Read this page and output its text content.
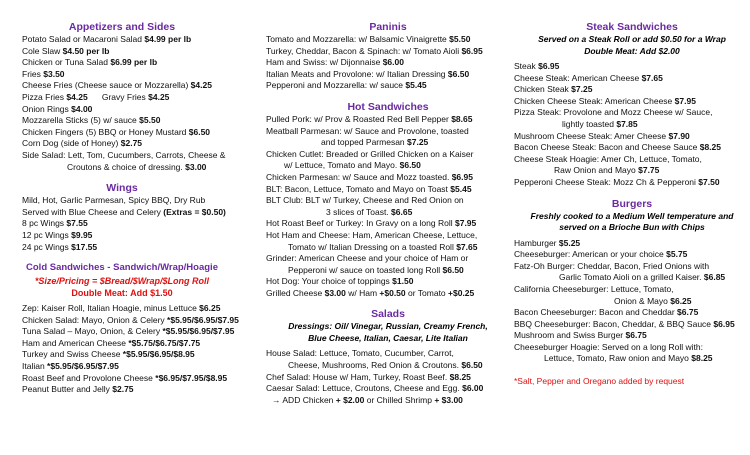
Appetizers and Sides

Potato Salad or Macaroni Salad $4.99 per lb

Cole Slaw $4.50 per lb

Chicken or Tuna Salad $6.99 per lb

Fries $3.50

Cheese Fries (Cheese sauce or Mozzarella) $4.25

Pizza Fries $4.25      Gravy Fries $4.25

Onion Rings $4.00

Mozzarella Sticks (5) w/ sauce $5.50

Chicken Fingers (5) BBQ or Honey Mustard $6.50

Corn Dog (side of Honey) $2.75

Side Salad: Lett, Tom, Cucumbers, Carrots, Cheese &

Croutons & choice of dressing. $3.00

Wings

Mild, Hot, Garlic Parmesan, Spicy BBQ, Dry Rub

Served with Blue Cheese and Celery (Extras = $0.50)

8 pc Wings $7.55

12 pc Wings $9.95

24 pc Wings $17.55

Cold Sandwiches - Sandwich/Wrap/Hoagie

*Size/Pricing = $Bread/$Wrap/$Long Roll

Double Meat: Add $1.50

Zep: Kaiser Roll, Italian Hoagie, minus Lettuce $6.25

Chicken Salad: Mayo, Onion & Celery *$5.95/$6.95/$7.95

Tuna Salad – Mayo, Onion, & Celery *$5.95/$6.95/$7.95

Ham and American Cheese *$5.75/$6.75/$7.75

Turkey and Swiss Cheese *$5.95/$6.95/$8.95

Italian *$5.95/$6.95/$7.95

Roast Beef and Provolone Cheese *$6.95/$7.95/$8.95

Peanut Butter and Jelly $2.75

Paninis

Tomato and Mozzarella: w/ Balsamic Vinaigrette $5.50

Turkey, Cheddar, Bacon & Spinach: w/ Tomato Aioli $6.95

Ham and Swiss: w/ Dijonnaise $6.00

Italian Meats and Provolone: w/ Italian Dressing $6.50

Pepperoni and Mozzarella: w/ sauce $5.45

Hot Sandwiches

Pulled Pork: w/ Prov & Roasted Red Bell Pepper $8.65

Meatball Parmesan: w/ Sauce and Provolone, toasted

and topped Parmesan $7.25

Chicken Cutlet: Breaded or Grilled Chicken on a Kaiser

w/ Lettuce, Tomato and Mayo. $6.50

Chicken Parmesan: w/ Sauce and Mozz toasted. $6.95

BLT: Bacon, Lettuce, Tomato and Mayo on Toast $5.45

BLT Club: BLT w/ Turkey, Cheese and Red Onion on

3 slices of Toast. $6.65

Hot Roast Beef or Turkey: In Gravy on a long Roll $7.95

Hot Ham and Cheese: Ham, American Cheese, Lettuce,

Tomato w/ Italian Dressing on a toasted Roll $7.65

Grinder: American Cheese and your choice of Ham or

Pepperoni w/ sauce on toasted long Roll $6.50

Hot Dog: Your choice of toppings $1.50

Grilled Cheese $3.00 w/ Ham +$0.50 or Tomato +$0.25

Salads

Dressings: Oil/ Vinegar, Russian, Creamy French,

Blue Cheese, Italian, Caesar, Lite Italian

House Salad: Lettuce, Tomato, Cucumber, Carrot,

Cheese, Mushrooms, Red Onion & Croutons. $6.50

Chef Salad: House w/ Ham, Turkey, Roast Beef. $8.25

Caesar Salad: Lettuce, Croutons, Cheese and Egg. $6.00

→ ADD Chicken + $2.00 or Chilled Shrimp + $3.00

Steak Sandwiches

Served on a Steak Roll or add $0.50 for a Wrap

Double Meat: Add $2.00

Steak $6.95

Cheese Steak: American Cheese $7.65

Chicken Steak $7.25

Chicken Cheese Steak: American Cheese $7.95

Pizza Steak: Provolone and Mozz Cheese w/ Sauce,

lightly toasted $7.85

Mushroom Cheese Steak: Amer Cheese $7.90

Bacon Cheese Steak: Bacon and Cheese Sauce $8.25

Cheese Steak Hoagie: Amer Ch, Lettuce, Tomato,

Raw Onion and Mayo $7.75

Pepperoni Cheese Steak: Mozz Ch & Pepperoni $7.50

Burgers

Freshly cooked to a Medium Well temperature and

served on a Brioche Bun with Chips

Hamburger $5.25

Cheeseburger: American or your choice $5.75

Fatz-Oh Burger: Cheddar, Bacon, Fried Onions with

Garlic Tomato Aioli on a grilled Kaiser. $6.85

California Cheeseburger: Lettuce, Tomato,

Onion & Mayo $6.25

Bacon Cheeseburger: Bacon and Cheddar $6.75

BBQ Cheeseburger: Bacon, Cheddar, & BBQ Sauce $6.95

Mushroom and Swiss Burger $6.75

Cheeseburger Hoagie: Served on a long Roll with:

Lettuce, Tomato, Raw onion and Mayo $8.25

*Salt, Pepper and Oregano added by request
